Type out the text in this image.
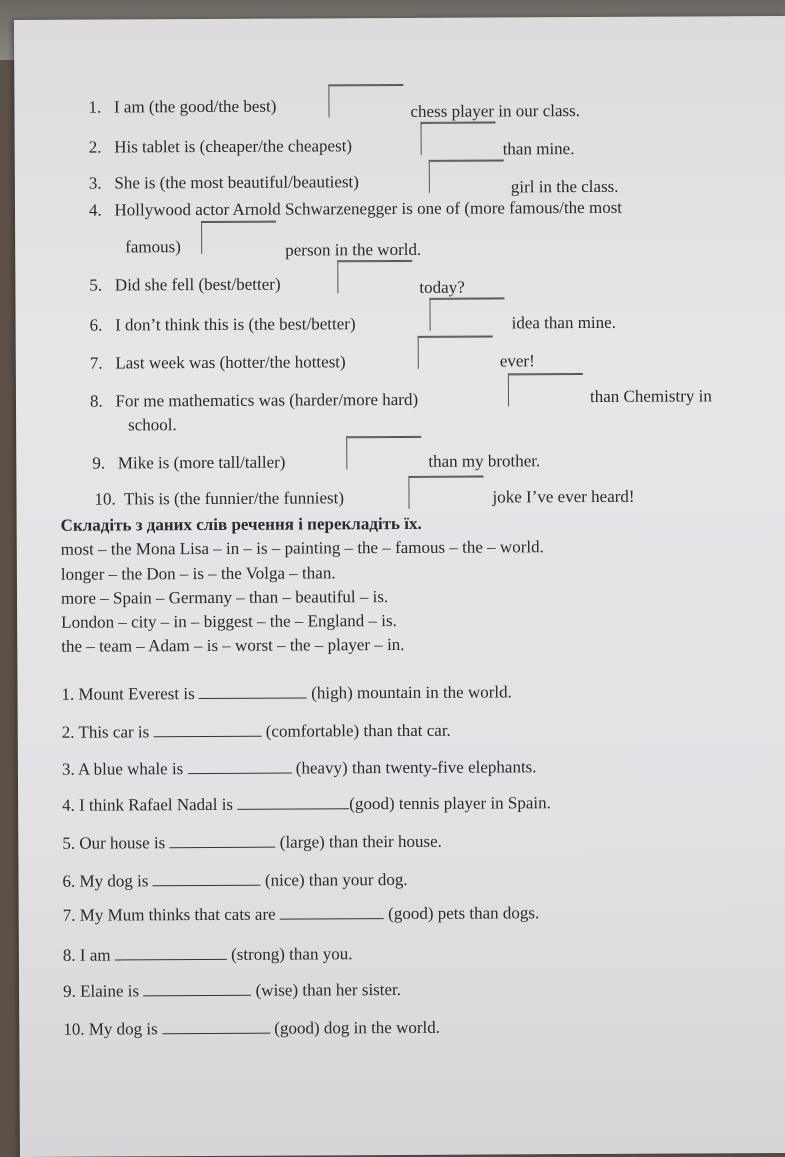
1. I am (the good/the best)	chess player in our class.
2. His tablet is (cheaper/the cheapest)	than mine.
3. She is (the most beautiful/beautiest)	girl in the class.
4. Hollywood actor Arnold Schwarzenegger is one of (more famous/the most
famous)	person in the world.
5. Did she fell (best/better)	today?
6. I don’t think this is (the best/better)	idea than mine.
7. Last week was (hotter/the hottest)	ever!
8. For me mathematics was (harder/more hard)
school.
than Chemistry in
9. Mike is (more tall/taller)	than my brother.
10. This is (the funnier/the funniest)	joke I’ve ever heard!
Складіть з даних слів речення і перекладіть їх.
most – the Mona Lisa – in – is – painting – the – famous – the – world.
longer – the Don – is – the Volga – than.
more – Spain – Germany – than – beautiful – is.
London – city – in – biggest – the – England – is.
the – team – Adam – is – worst – the – player – in.
1. Mount Everest is	(high) mountain in the world.
2. This car is	(comfortable) than that car.
3. A blue whale is	(heavy) than twenty-five elephants.
4. I think Rafael Nadal is	(good) tennis player in Spain.
5. Our house is	(large) than their house.
6. My dog is	(nice) than your dog.
7. My Mum thinks that cats are	(good) pets than dogs.
8. I am	(strong) than you.
9. Elaine is	(wise) than her sister.
10. My dog is	(good) dog in the world.
